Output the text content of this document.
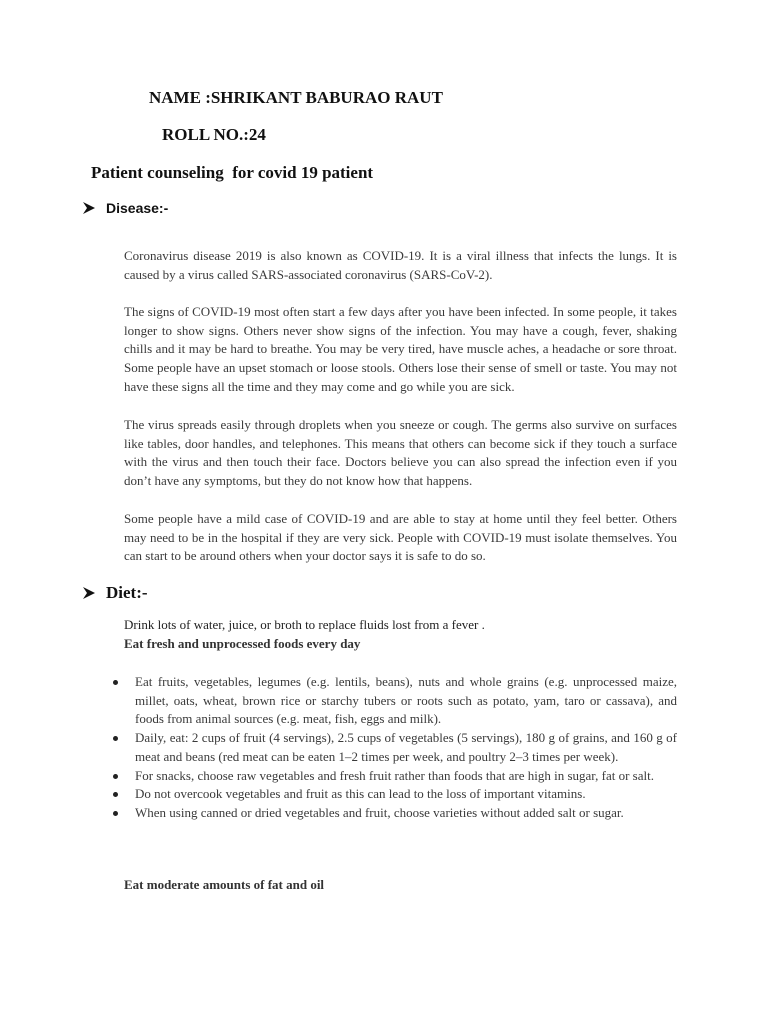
NAME :SHRIKANT BABURAO RAUT
ROLL NO.:24
Patient counseling  for covid 19 patient
Disease:-

Coronavirus disease 2019 is also known as COVID-19. It is a viral illness that infects the lungs. It is caused by a virus called SARS-associated coronavirus (SARS-CoV-2).

The signs of COVID-19 most often start a few days after you have been infected. In some people, it takes longer to show signs. Others never show signs of the infection. You may have a cough, fever, shaking chills and it may be hard to breathe. You may be very tired, have muscle aches, a headache or sore throat. Some people have an upset stomach or loose stools. Others lose their sense of smell or taste. You may not have these signs all the time and they may come and go while you are sick.

The virus spreads easily through droplets when you sneeze or cough. The germs also survive on surfaces like tables, door handles, and telephones. This means that others can become sick if they touch a surface with the virus and then touch their face. Doctors believe you can also spread the infection even if you don’t have any symptoms, but they do not know how that happens.

Some people have a mild case of COVID-19 and are able to stay at home until they feel better. Others may need to be in the hospital if they are very sick. People with COVID-19 must isolate themselves. You can start to be around others when your doctor says it is safe to do so.

Diet:-
Drink lots of water, juice, or broth to replace fluids lost from a fever .
Eat fresh and unprocessed foods every day
Eat fruits, vegetables, legumes (e.g. lentils, beans), nuts and whole grains (e.g. unprocessed maize, millet, oats, wheat, brown rice or starchy tubers or roots such as potato, yam, taro or cassava), and foods from animal sources (e.g. meat, fish, eggs and milk).
Daily, eat: 2 cups of fruit (4 servings), 2.5 cups of vegetables (5 servings), 180 g of grains, and 160 g of meat and beans (red meat can be eaten 1–2 times per week, and poultry 2–3 times per week).
For snacks, choose raw vegetables and fresh fruit rather than foods that are high in sugar, fat or salt.
Do not overcook vegetables and fruit as this can lead to the loss of important vitamins.
When using canned or dried vegetables and fruit, choose varieties without added salt or sugar.
Eat moderate amounts of fat and oil
